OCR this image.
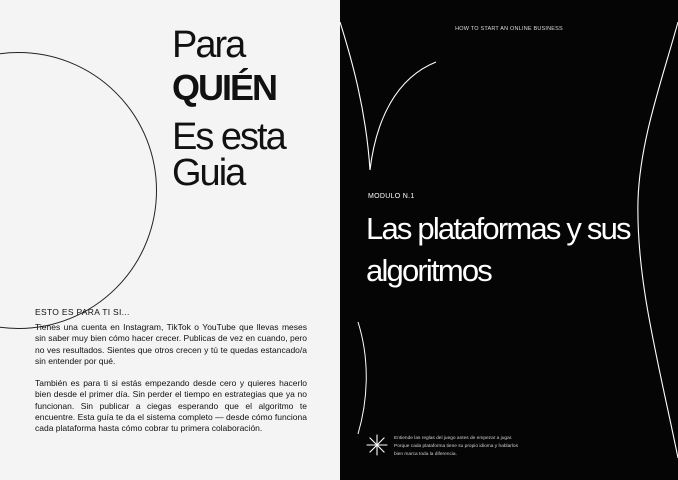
Para
QUIÉN
Es esta
Guia
ESTO ES PARA TI SI...

Tienes una cuenta en Instagram, TikTok o YouTube que llevas meses sin saber muy bien cómo hacer crecer. Publicas de vez en cuando, pero no ves resultados. Sientes que otros crecen y tú te quedas estancado/a sin entender por qué.

También es para ti si estás empezando desde cero y quieres hacerlo bien desde el primer día. Sin perder el tiempo en estrategias que ya no funcionan. Sin publicar a ciegas esperando que el algoritmo te encuentre. Esta guía te da el sistema completo — desde cómo funciona cada plataforma hasta cómo cobrar tu primera colaboración.

HOW TO START AN ONLINE BUSINESS
MODULO N.1
Las plataformas y sus
algoritmos

Entiende las reglas del juego antes de empezar a jugar. Porque cada plataforma tiene su propio idioma y hablarlos bien marca toda la diferencia.
